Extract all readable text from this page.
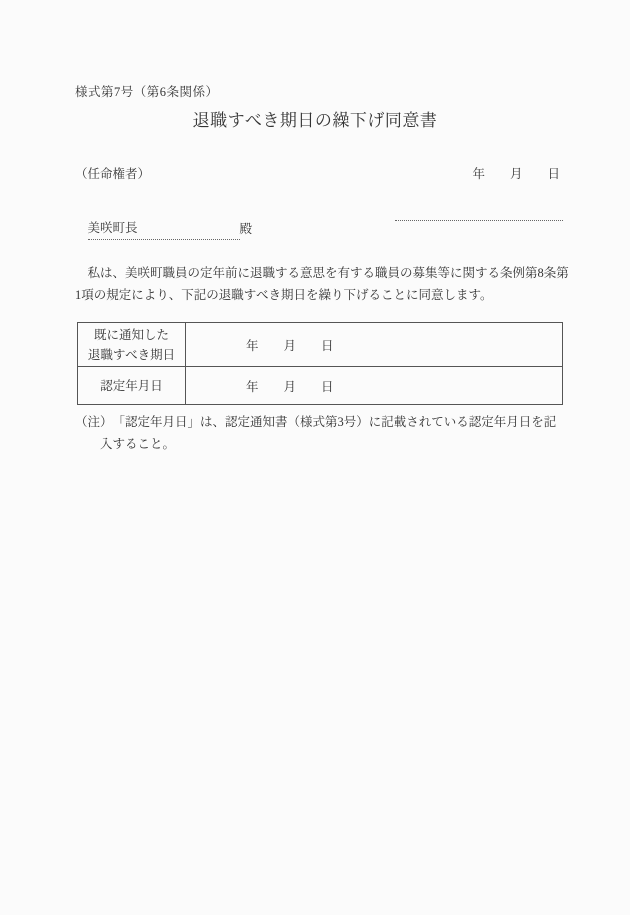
様式第7号（第6条関係）
退職すべき期日の繰下げ同意書
（任命権者）	年　　月　　日

美咲町長	殿

　私は、美咲町職員の定年前に退職する意思を有する職員の募集等に関する条例第8条第
1項の規定により、下記の退職すべき期日を繰り下げることに同意します。

既に通知した
退職すべき期日	年　　月　　日
認定年月日	年　　月　　日
（注）　「認定年月日」は、認定通知書（様式第3号）に記載されている認定年月日を記
入すること。
